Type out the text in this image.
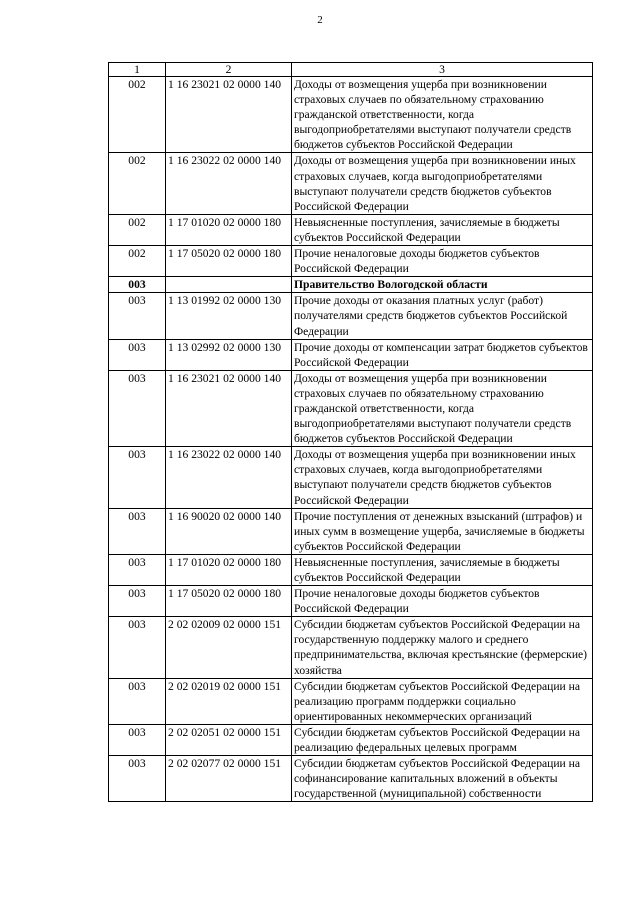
2
1	2	3
002	1 16 23021 02 0000 140	Доходы от возмещения ущерба при возникновении страховых случаев по обязательному страхованию гражданской ответственности, когда выгодоприобретателями выступают получатели средств бюджетов субъектов Российской Федерации
002	1 16 23022 02 0000 140	Доходы от возмещения ущерба при возникновении иных страховых случаев, когда выгодоприобретателями выступают получатели средств бюджетов субъектов Российской Федерации
002	1 17 01020 02 0000 180	Невыясненные поступления, зачисляемые в бюджеты субъектов Российской Федерации
002	1 17 05020 02 0000 180	Прочие неналоговые доходы бюджетов субъектов Российской Федерации
003		Правительство Вологодской области
003	1 13 01992 02 0000 130	Прочие доходы от оказания платных услуг (работ) получателями средств бюджетов субъектов Российской Федерации
003	1 13 02992 02 0000 130	Прочие доходы от компенсации затрат бюджетов субъектов Российской Федерации
003	1 16 23021 02 0000 140	Доходы от возмещения ущерба при возникновении страховых случаев по обязательному страхованию гражданской ответственности, когда выгодоприобретателями выступают получатели средств бюджетов субъектов Российской Федерации
003	1 16 23022 02 0000 140	Доходы от возмещения ущерба при возникновении иных страховых случаев, когда выгодоприобретателями выступают получатели средств бюджетов субъектов Российской Федерации
003	1 16 90020 02 0000 140	Прочие поступления от денежных взысканий (штрафов) и иных сумм в возмещение ущерба, зачисляемые в бюджеты субъектов Российской Федерации
003	1 17 01020 02 0000 180	Невыясненные поступления, зачисляемые в бюджеты субъектов Российской Федерации
003	1 17 05020 02 0000 180	Прочие неналоговые доходы бюджетов субъектов Российской Федерации
003	2 02 02009 02 0000 151	Субсидии бюджетам субъектов Российской Федерации на государственную поддержку малого и среднего предпринимательства, включая крестьянские (фермерские) хозяйства
003	2 02 02019 02 0000 151	Субсидии бюджетам субъектов Российской Федерации на реализацию программ поддержки социально ориентированных некоммерческих организаций
003	2 02 02051 02 0000 151	Субсидии бюджетам субъектов Российской Федерации на реализацию федеральных целевых программ
003	2 02 02077 02 0000 151	Субсидии бюджетам субъектов Российской Федерации на софинансирование капитальных вложений в объекты государственной (муниципальной) собственности
